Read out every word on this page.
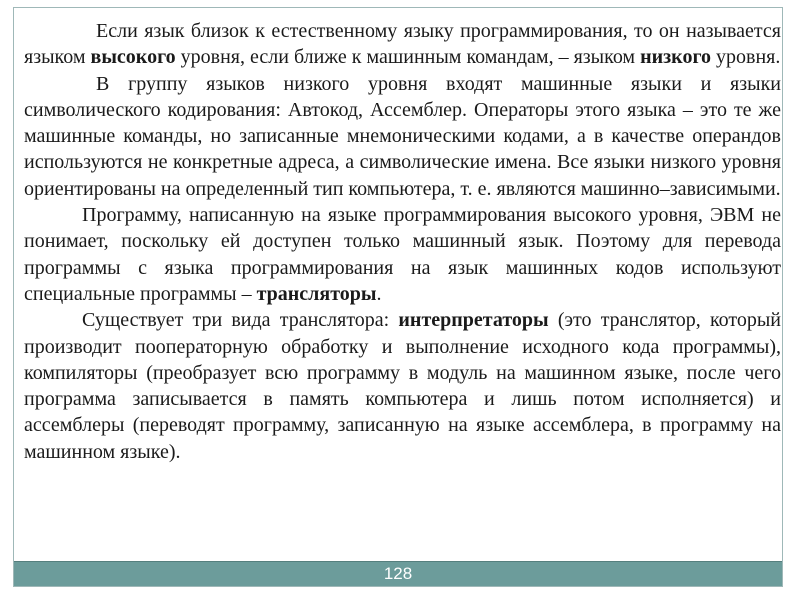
Если язык близок к естественному языку программирования, то он называется языком высокого уровня, если ближе к машинным командам, – языком низкого уровня.

В группу языков низкого уровня входят машинные языки и языки символического кодирования: Автокод, Ассемблер. Операторы этого языка – это те же машинные команды, но записанные мнемоническими кодами, а в качестве операндов используются не конкретные адреса, а символические имена. Все языки низкого уровня ориентированы на определенный тип компьютера, т. е. являются машинно–зависимыми.

Программу, написанную на языке программирования высокого уровня, ЭВМ не понимает, поскольку ей доступен только машинный язык. Поэтому для перевода программы с языка программирования на язык машинных кодов используют специальные программы – трансляторы.

Существует три вида транслятора: интерпретаторы (это транслятор, который производит пооператорную обработку и выполнение исходного кода программы), компиляторы (преобразует всю программу в модуль на машинном языке, после чего программа записывается в память компьютера и лишь потом исполняется) и ассемблеры (переводят программу, записанную на языке ассемблера, в программу на машинном языке).

128
